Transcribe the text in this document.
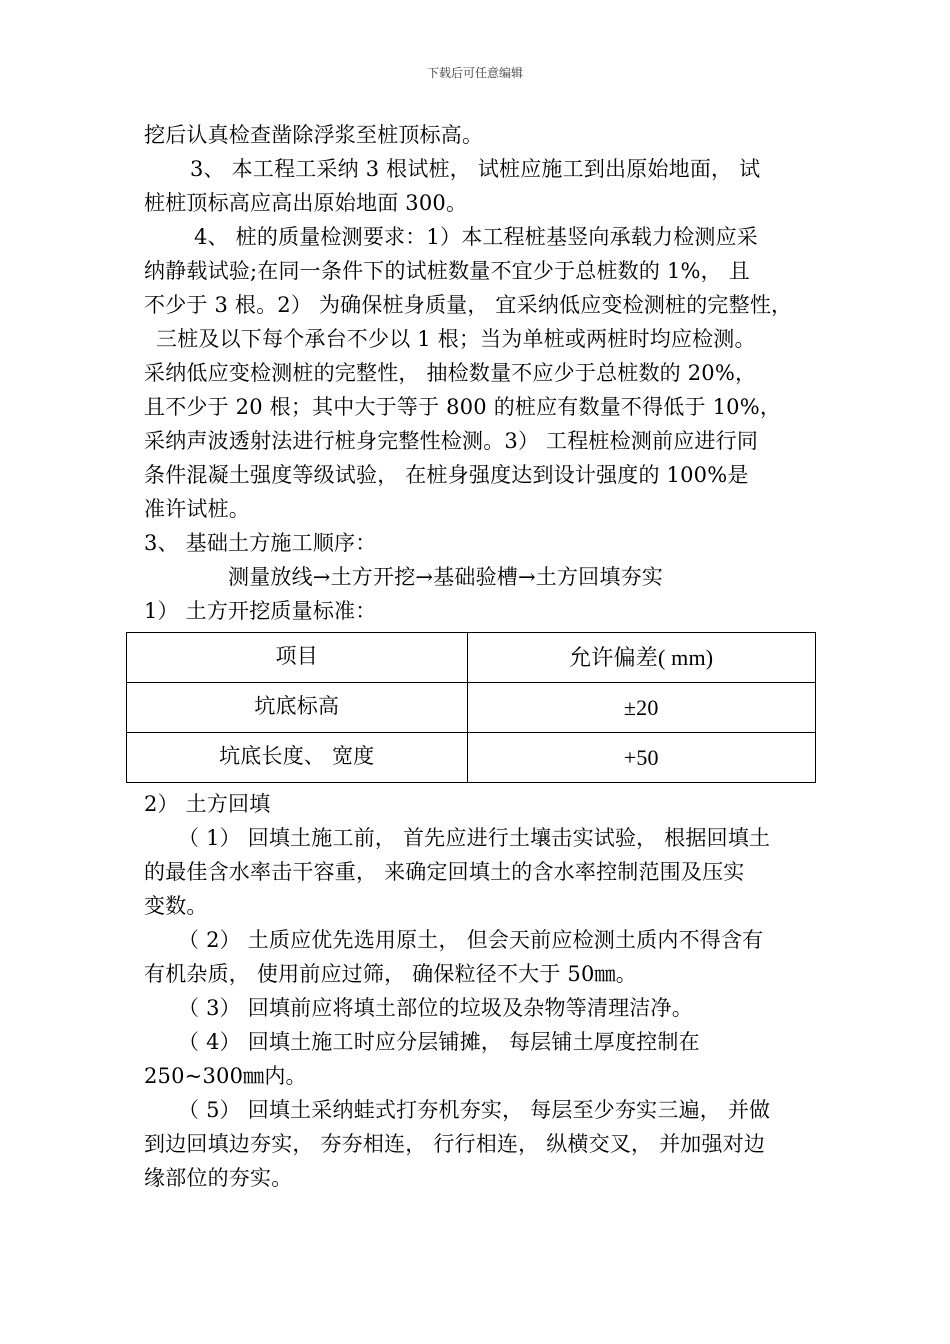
下载后可任意编辑

挖后认真检查凿除浮浆至桩顶标高。

3、 本工程工采纳 3 根试桩， 试桩应施工到出原始地面， 试

桩桩顶标高应高出原始地面 300。

4、 桩的质量检测要求：1）本工程桩基竖向承载力检测应采

纳静载试验;在同一条件下的试桩数量不宜少于总桩数的 1%， 且

不少于 3 根。2） 为确保桩身质量， 宜采纳低应变检测桩的完整性，

三桩及以下每个承台不少以 1 根；当为单桩或两桩时均应检测。

采纳低应变检测桩的完整性， 抽检数量不应少于总桩数的 20%，

且不少于 20 根；其中大于等于 800 的桩应有数量不得低于 10%，

采纳声波透射法进行桩身完整性检测。3） 工程桩检测前应进行同

条件混凝土强度等级试验， 在桩身强度达到设计强度的 100%是

准许试桩。

3、 基础土方施工顺序：

测量放线→土方开挖→基础验槽→土方回填夯实

1） 土方开挖质量标准：

项目	允许偏差( mm)
坑底标高	±20
坑底长度、 宽度	+50

2） 土方回填

（ 1） 回填土施工前， 首先应进行土壤击实试验， 根据回填土

的最佳含水率击干容重， 来确定回填土的含水率控制范围及压实

变数。

（ 2） 土质应优先选用原土， 但会天前应检测土质内不得含有

有机杂质， 使用前应过筛， 确保粒径不大于 50㎜。

（ 3） 回填前应将填土部位的垃圾及杂物等清理洁净。

（ 4） 回填土施工时应分层铺摊， 每层铺土厚度控制在

250~300㎜内。

（ 5） 回填土采纳蛙式打夯机夯实， 每层至少夯实三遍， 并做

到边回填边夯实， 夯夯相连， 行行相连， 纵横交叉， 并加强对边

缘部位的夯实。
